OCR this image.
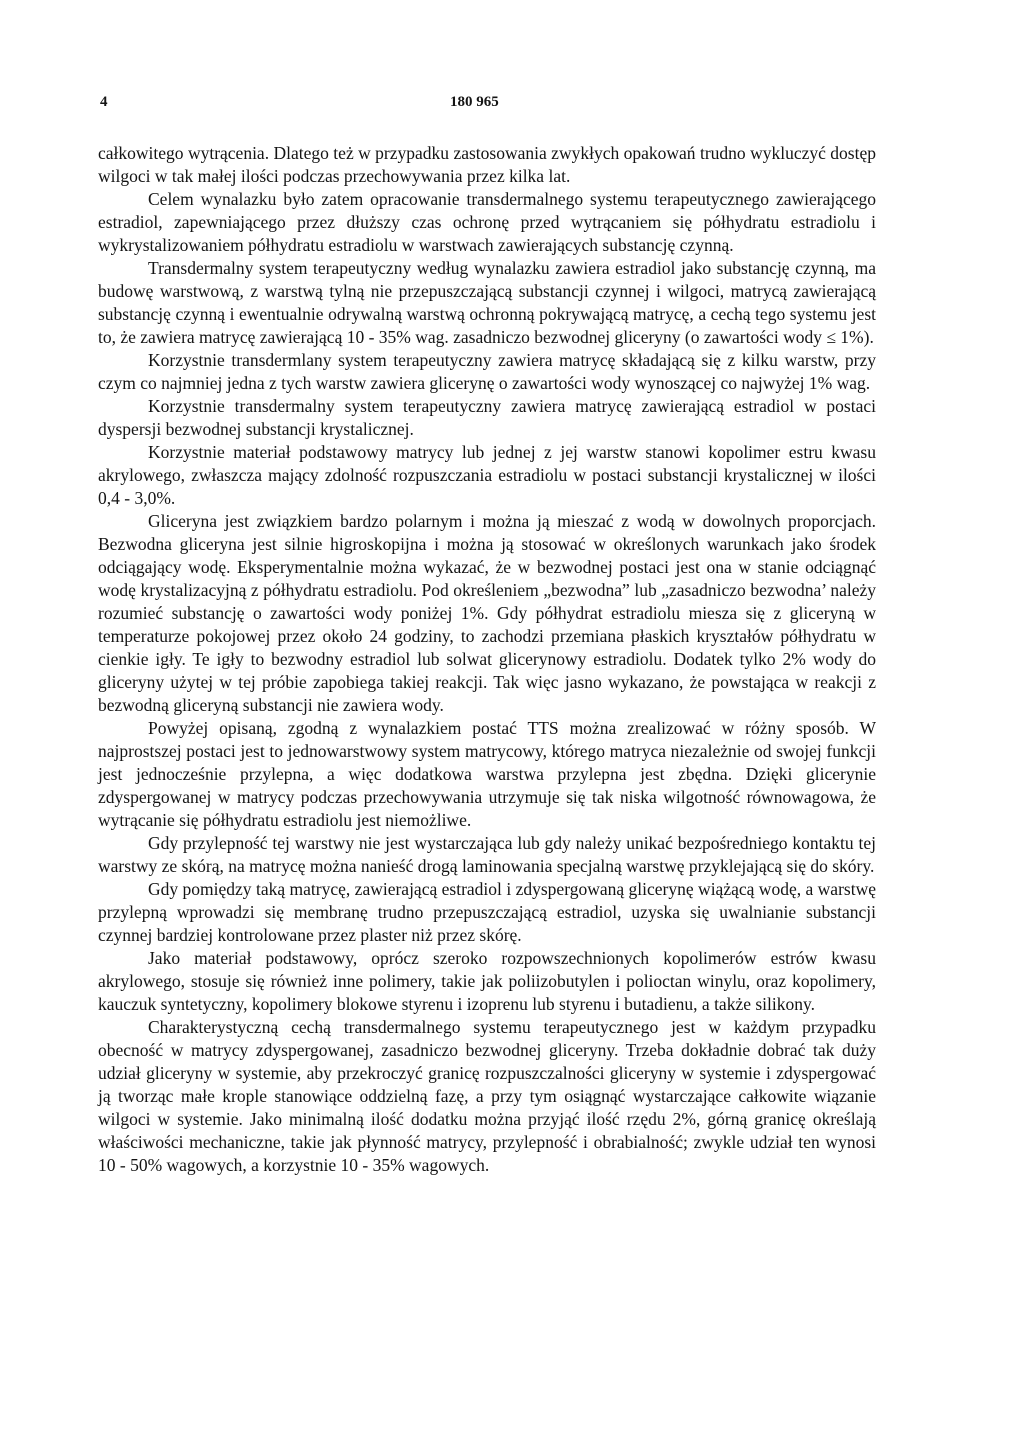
4	180 965

całkowitego wytrącenia. Dlatego też w przypadku zastosowania zwykłych opakowań trudno wykluczyć dostęp wilgoci w tak małej ilości podczas przechowywania przez kilka lat.

Celem wynalazku było zatem opracowanie transdermalnego systemu terapeutycznego zawierającego estradiol, zapewniającego przez dłuższy czas ochronę przed wytrącaniem się półhydratu estradiolu i wykrystalizowaniem półhydratu estradiolu w warstwach zawierających substancję czynną.

Transdermalny system terapeutyczny według wynalazku zawiera estradiol jako substancję czynną, ma budowę warstwową, z warstwą tylną nie przepuszczającą substancji czynnej i wilgoci, matrycą zawierającą substancję czynną i ewentualnie odrywalną warstwą ochronną pokrywającą matrycę, a cechą tego systemu jest to, że zawiera matrycę zawierającą 10 - 35% wag. zasadniczo bezwodnej gliceryny (o zawartości wody ≤ 1%).

Korzystnie transdermlany system terapeutyczny zawiera matrycę składającą się z kilku warstw, przy czym co najmniej jedna z tych warstw zawiera glicerynę o zawartości wody wynoszącej co najwyżej 1% wag.

Korzystnie transdermalny system terapeutyczny zawiera matrycę zawierającą estradiol w postaci dyspersji bezwodnej substancji krystalicznej.

Korzystnie materiał podstawowy matrycy lub jednej z jej warstw stanowi kopolimer estru kwasu akrylowego, zwłaszcza mający zdolność rozpuszczania estradiolu w postaci substancji krystalicznej w ilości 0,4 - 3,0%.

Gliceryna jest związkiem bardzo polarnym i można ją mieszać z wodą w dowolnych proporcjach. Bezwodna gliceryna jest silnie higroskopijna i można ją stosować w określonych warunkach jako środek odciągający wodę. Eksperymentalnie można wykazać, że w bezwodnej postaci jest ona w stanie odciągnąć wodę krystalizacyjną z półhydratu estradiolu. Pod określeniem „bezwodna” lub „zasadniczo bezwodna’ należy rozumieć substancję o zawartości wody poniżej 1%. Gdy półhydrat estradiolu miesza się z gliceryną w temperaturze pokojowej przez około 24 godziny, to zachodzi przemiana płaskich kryształów półhydratu w cienkie igły. Te igły to bezwodny estradiol lub solwat glicerynowy estradiolu. Dodatek tylko 2% wody do gliceryny użytej w tej próbie zapobiega takiej reakcji. Tak więc jasno wykazano, że powstająca w reakcji z bezwodną gliceryną substancji nie zawiera wody.

Powyżej opisaną, zgodną z wynalazkiem postać TTS można zrealizować w różny sposób. W najprostszej postaci jest to jednowarstwowy system matrycowy, którego matryca niezależnie od swojej funkcji jest jednocześnie przylepna, a więc dodatkowa warstwa przylepna jest zbędna. Dzięki glicerynie zdyspergowanej w matrycy podczas przechowywania utrzymuje się tak niska wilgotność równowagowa, że wytrącanie się półhydratu estradiolu jest niemożliwe.

Gdy przylepność tej warstwy nie jest wystarczająca lub gdy należy unikać bezpośredniego kontaktu tej warstwy ze skórą, na matrycę można nanieść drogą laminowania specjalną warstwę przyklejającą się do skóry.

Gdy pomiędzy taką matrycę, zawierającą estradiol i zdyspergowaną glicerynę wiążącą wodę, a warstwę przylepną wprowadzi się membranę trudno przepuszczającą estradiol, uzyska się uwalnianie substancji czynnej bardziej kontrolowane przez plaster niż przez skórę.

Jako materiał podstawowy, oprócz szeroko rozpowszechnionych kopolimerów estrów kwasu akrylowego, stosuje się również inne polimery, takie jak poliizobutylen i polioctan winylu, oraz kopolimery, kauczuk syntetyczny, kopolimery blokowe styrenu i izoprenu lub styrenu i butadienu, a także silikony.

Charakterystyczną cechą transdermalnego systemu terapeutycznego jest w każdym przypadku obecność w matrycy zdyspergowanej, zasadniczo bezwodnej gliceryny. Trzeba dokładnie dobrać tak duży udział gliceryny w systemie, aby przekroczyć granicę rozpuszczalności gliceryny w systemie i zdyspergować ją tworząc małe krople stanowiące oddzielną fazę, a przy tym osiągnąć wystarczające całkowite wiązanie wilgoci w systemie. Jako minimalną ilość dodatku można przyjąć ilość rzędu 2%, górną granicę określają właściwości mechaniczne, takie jak płynność matrycy, przylepność i obrabialność; zwykle udział ten wynosi 10 - 50% wagowych, a korzystnie 10 - 35% wagowych.
